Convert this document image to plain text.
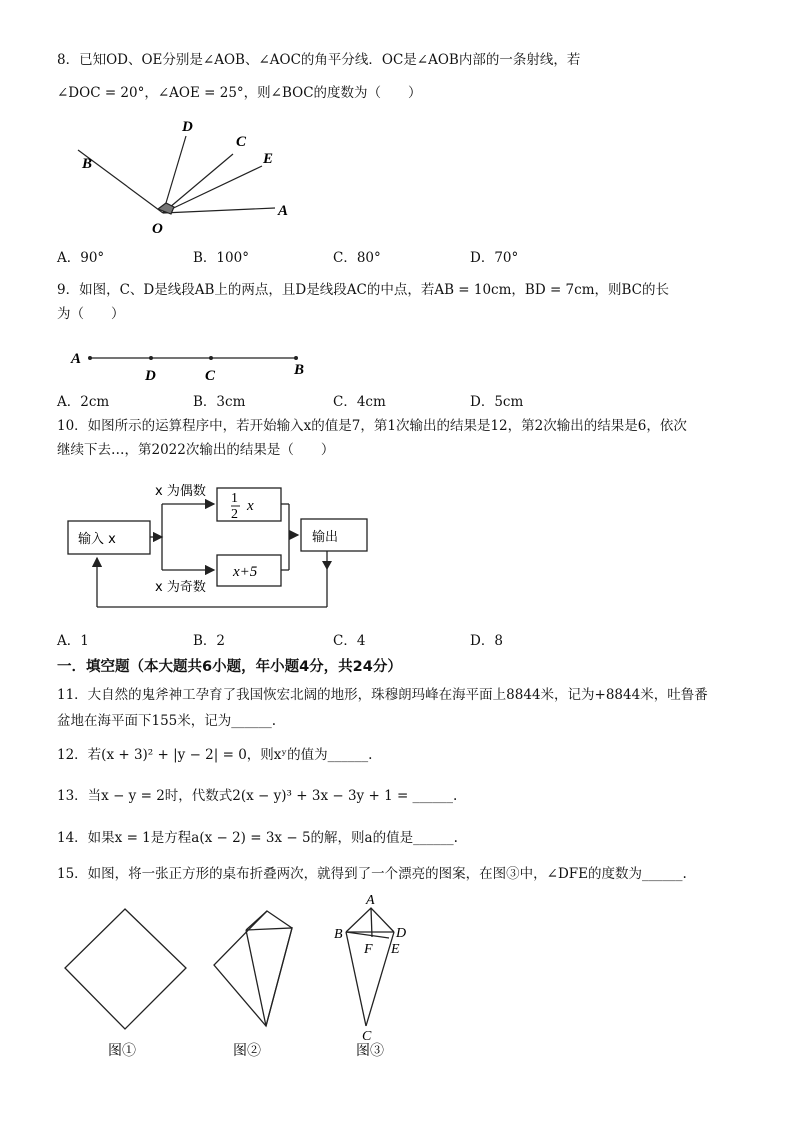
8．已知OD、OE分别是∠AOB、∠AOC的角平分线．OC是∠AOB内部的一条射线，若
∠DOC = 20°，∠AOE = 25°，则∠BOC的度数为（　　）
D
C
E
B
A
O
A．90°	B．100°	C．80°	D．70°
9．如图，C、D是线段AB上的两点，且D是线段AC的中点，若AB = 10cm，BD = 7cm，则BC的长
为（　　）
A
D	C	B
A．2cm	B．3cm	C．4cm	D．5cm
10．如图所示的运算程序中，若开始输入x的值是7，第1次输出的结果是12，第2次输出的结果是6，依次
继续下去…，第2022次输出的结果是（　　）
输入 x
x 为偶数 1
2
x
x+5
x 为奇数
输出
A．1	B．2	C．4	D．8
一．填空题（本大题共6小题，年小题4分，共24分）
11．大自然的鬼斧神工孕育了我国恢宏北阔的地形，珠穆朗玛峰在海平面上8844米，记为+8844米，吐鲁番
盆地在海平面下155米，记为______.
12．若(x + 3)² + |y − 2| = 0，则xʸ的值为______.
13．当x − y = 2时，代数式2(x − y)³ + 3x − 3y + 1 = ______.
14．如果x = 1是方程a(x − 2) = 3x − 5的解，则a的值是______.
15．如图，将一张正方形的桌布折叠两次，就得到了一个漂亮的图案，在图③中，∠DFE的度数为______.
A
B	D
F E
C
图①	图②	图③
